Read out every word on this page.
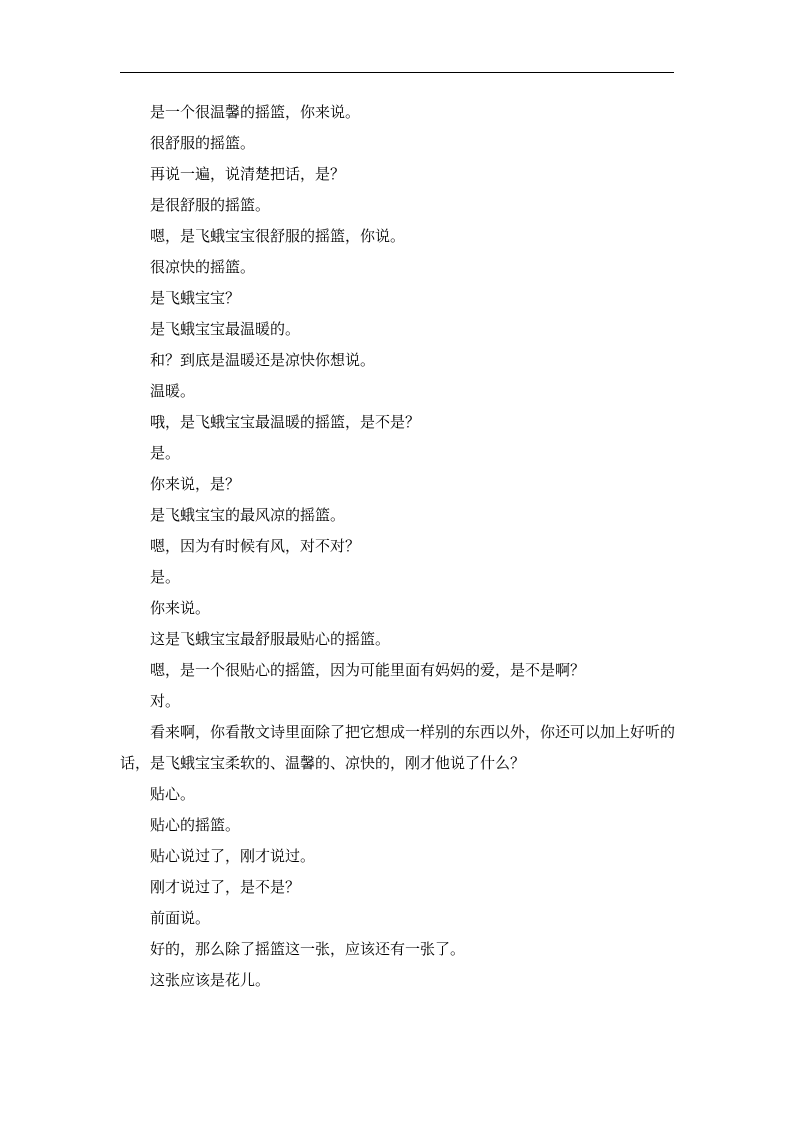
是一个很温馨的摇篮，你来说。

很舒服的摇篮。

再说一遍，说清楚把话，是？

是很舒服的摇篮。

嗯，是飞蛾宝宝很舒服的摇篮，你说。

很凉快的摇篮。

是飞蛾宝宝？

是飞蛾宝宝最温暖的。

和？到底是温暖还是凉快你想说。

温暖。

哦，是飞蛾宝宝最温暖的摇篮，是不是？

是。

你来说，是？

是飞蛾宝宝的最风凉的摇篮。

嗯，因为有时候有风，对不对？

是。

你来说。

这是飞蛾宝宝最舒服最贴心的摇篮。

嗯，是一个很贴心的摇篮，因为可能里面有妈妈的爱，是不是啊？

对。

看来啊，你看散文诗里面除了把它想成一样别的东西以外，你还可以加上好听的话，是飞蛾宝宝柔软的、温馨的、凉快的，刚才他说了什么？

贴心。

贴心的摇篮。

贴心说过了，刚才说过。

刚才说过了，是不是？

前面说。

好的，那么除了摇篮这一张，应该还有一张了。

这张应该是花儿。
